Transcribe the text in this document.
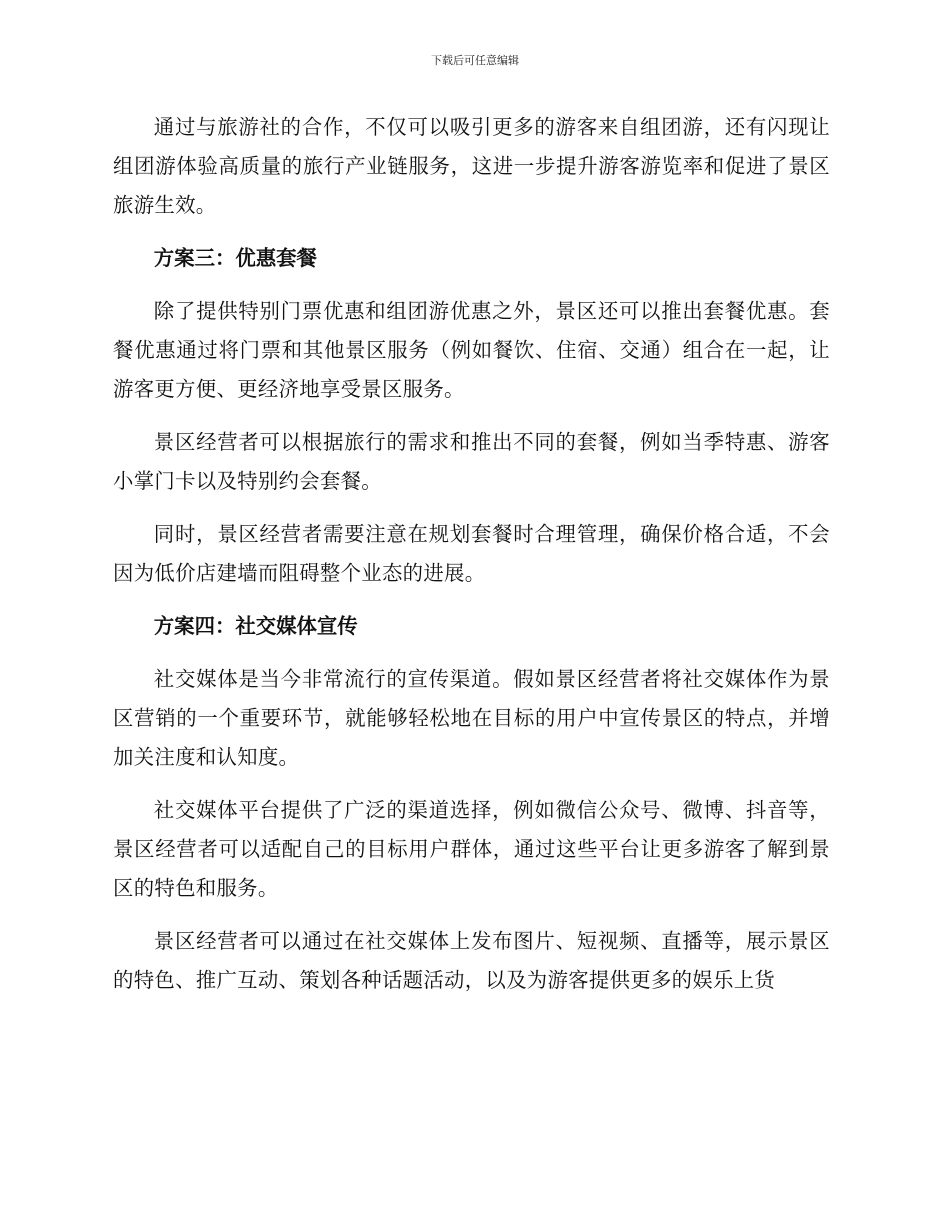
下载后可任意编辑

通过与旅游社的合作，不仅可以吸引更多的游客来自组团游，还有闪现让组团游体验高质量的旅行产业链服务，这进一步提升游客游览率和促进了景区旅游生效。

方案三：优惠套餐

除了提供特别门票优惠和组团游优惠之外，景区还可以推出套餐优惠。套餐优惠通过将门票和其他景区服务（例如餐饮、住宿、交通）组合在一起，让游客更方便、更经济地享受景区服务。

景区经营者可以根据旅行的需求和推出不同的套餐，例如当季特惠、游客小掌门卡以及特别约会套餐。

同时，景区经营者需要注意在规划套餐时合理管理，确保价格合适，不会因为低价店建墙而阻碍整个业态的进展。

方案四：社交媒体宣传

社交媒体是当今非常流行的宣传渠道。假如景区经营者将社交媒体作为景区营销的一个重要环节，就能够轻松地在目标的用户中宣传景区的特点，并增加关注度和认知度。

社交媒体平台提供了广泛的渠道选择，例如微信公众号、微博、抖音等，景区经营者可以适配自己的目标用户群体，通过这些平台让更多游客了解到景区的特色和服务。

景区经营者可以通过在社交媒体上发布图片、短视频、直播等，展示景区的特色、推广互动、策划各种话题活动，以及为游客提供更多的娱乐上货
